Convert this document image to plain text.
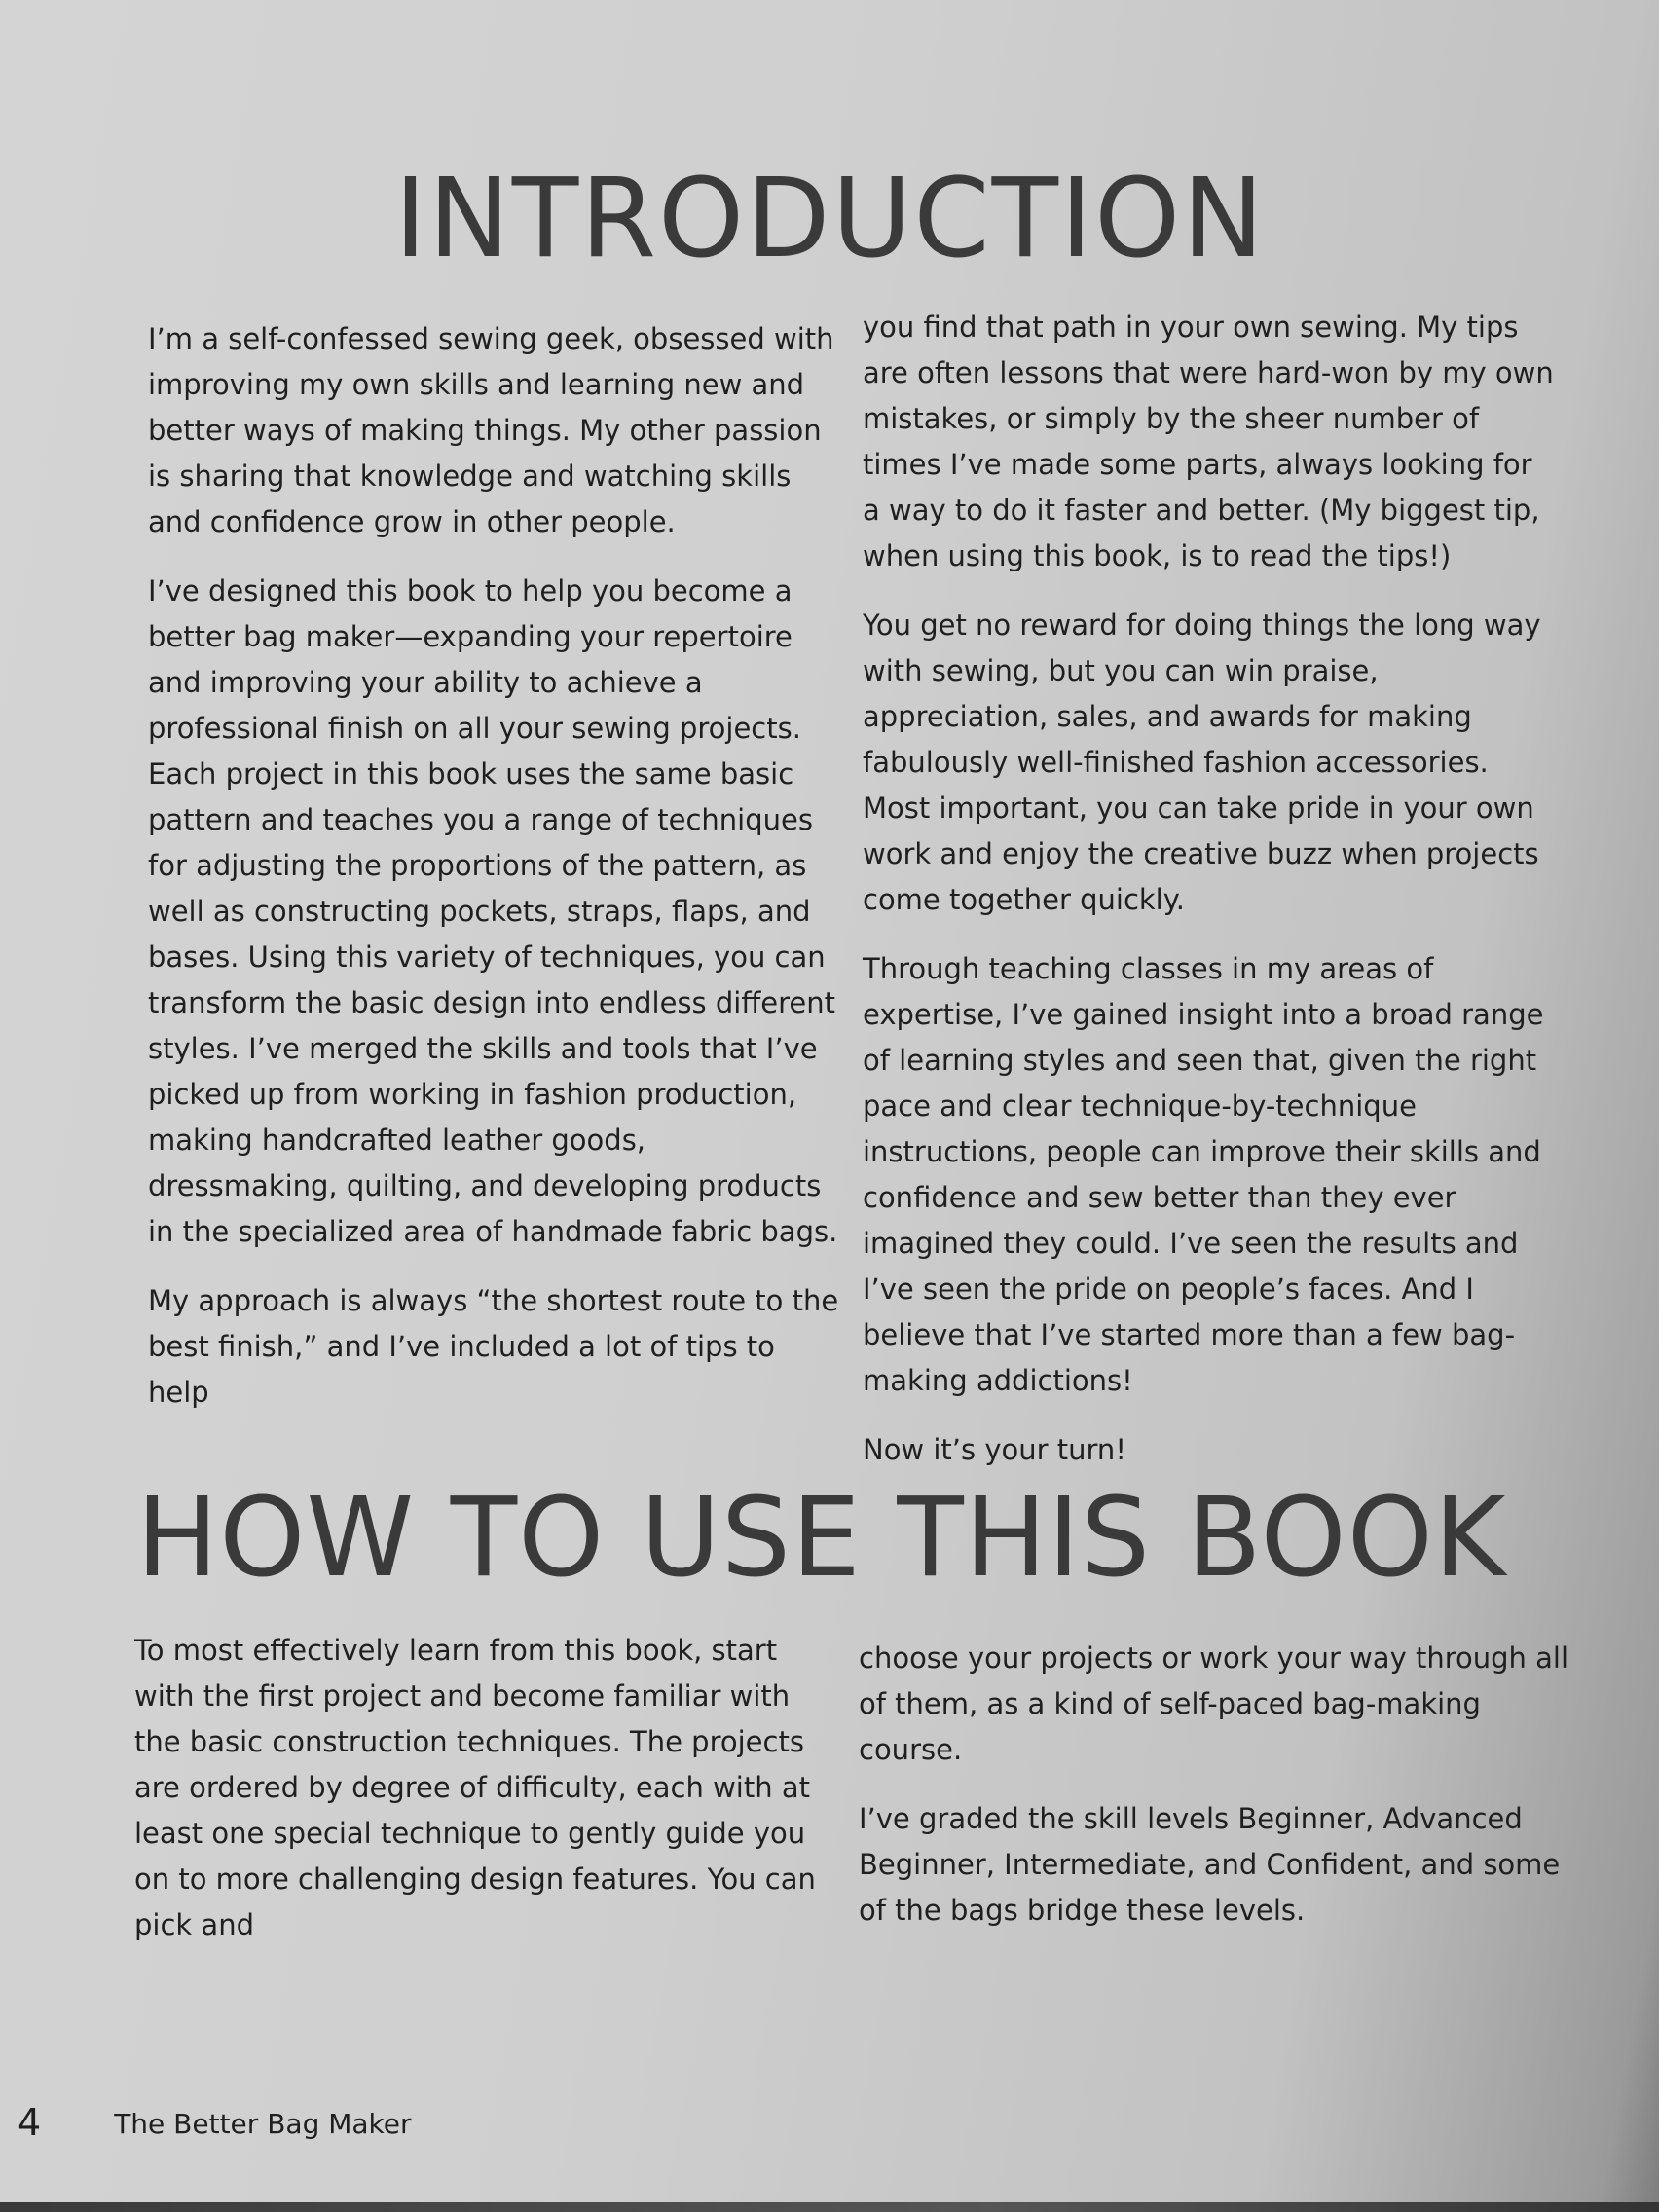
INTRODUCTION

I’m a self-confessed sewing geek, obsessed with improving my own skills and learning new and better ways of making things. My other passion is sharing that knowledge and watching skills and confidence grow in other people.

I’ve designed this book to help you become a better bag maker—expanding your repertoire and improving your ability to achieve a professional finish on all your sewing projects. Each project in this book uses the same basic pattern and teaches you a range of techniques for adjusting the proportions of the pattern, as well as constructing pockets, straps, flaps, and bases. Using this variety of techniques, you can transform the basic design into endless different styles. I’ve merged the skills and tools that I’ve picked up from working in fashion production, making handcrafted leather goods, dressmaking, quilting, and developing products in the specialized area of handmade fabric bags.

My approach is always “the shortest route to the best finish,” and I’ve included a lot of tips to help

you find that path in your own sewing. My tips are often lessons that were hard-won by my own mistakes, or simply by the sheer number of times I’ve made some parts, always looking for a way to do it faster and better. (My biggest tip, when using this book, is to read the tips!)

You get no reward for doing things the long way with sewing, but you can win praise, appreciation, sales, and awards for making fabulously well-finished fashion accessories. Most important, you can take pride in your own work and enjoy the creative buzz when projects come together quickly.

Through teaching classes in my areas of expertise, I’ve gained insight into a broad range of learning styles and seen that, given the right pace and clear technique-by-technique instructions, people can improve their skills and confidence and sew better than they ever imagined they could. I’ve seen the results and I’ve seen the pride on people’s faces. And I believe that I’ve started more than a few bag-making addictions!

Now it’s your turn!

HOW TO USE THIS BOOK

To most effectively learn from this book, start with the first project and become familiar with the basic construction techniques. The projects are ordered by degree of difficulty, each with at least one special technique to gently guide you on to more challenging design features. You can pick and

choose your projects or work your way through all of them, as a kind of self-paced bag-making course.

I’ve graded the skill levels Beginner, Advanced Beginner, Intermediate, and Confident, and some of the bags bridge these levels.

4	The Better Bag Maker
